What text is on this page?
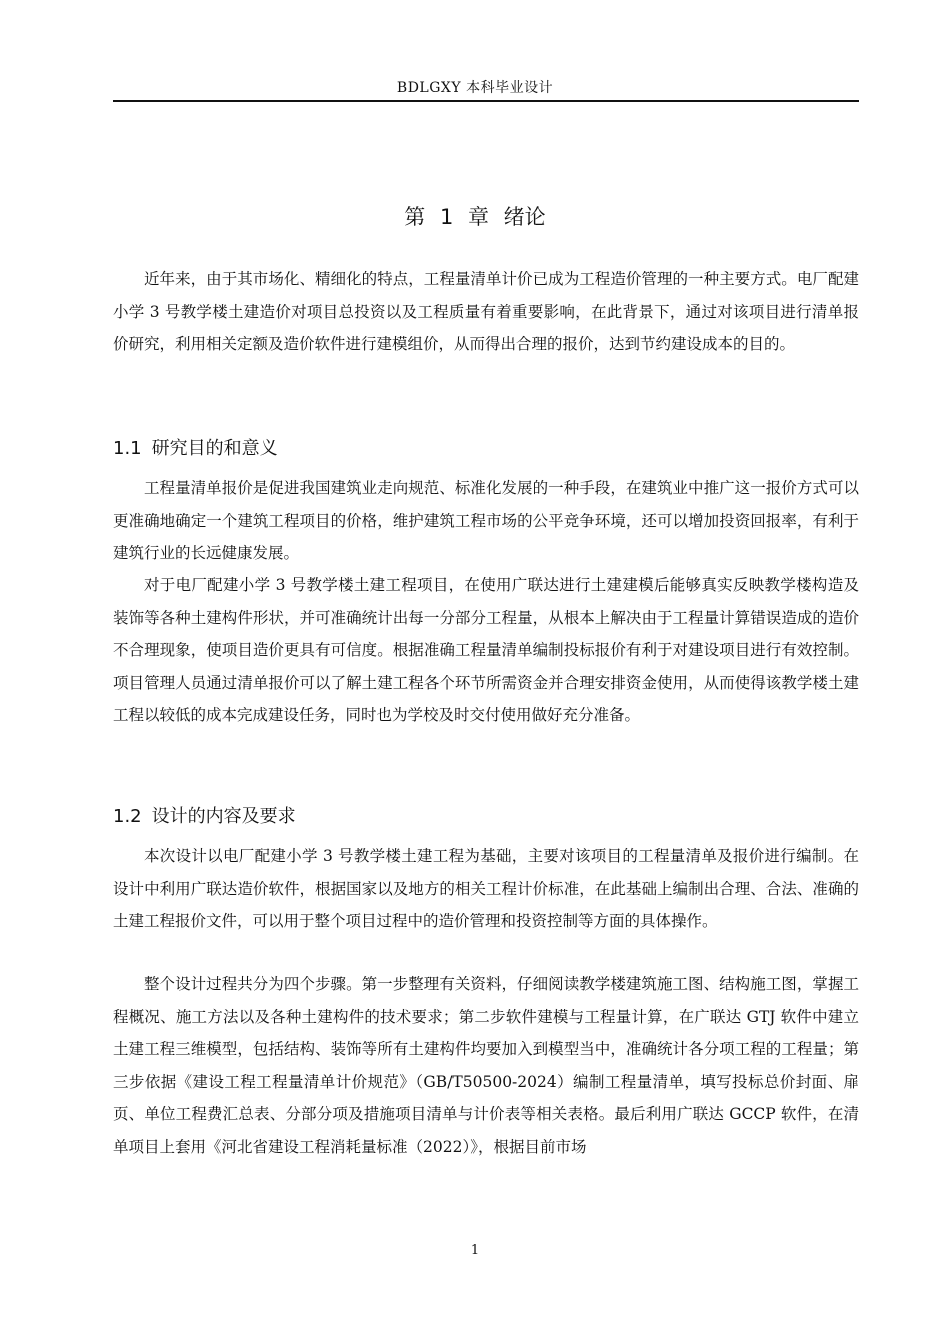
BDLGXY 本科毕业设计
第 1 章 绪论

近年来，由于其市场化、精细化的特点，工程量清单计价已成为工程造价管理的一种主要方式。电厂配建小学 3 号教学楼土建造价对项目总投资以及工程质量有着重要影响，在此背景下，通过对该项目进行清单报价研究，利用相关定额及造价软件进行建模组价，从而得出合理的报价，达到节约建设成本的目的。

1.1 研究目的和意义

工程量清单报价是促进我国建筑业走向规范、标准化发展的一种手段，在建筑业中推广这一报价方式可以更准确地确定一个建筑工程项目的价格，维护建筑工程市场的公平竞争环境，还可以增加投资回报率，有利于建筑行业的长远健康发展。

对于电厂配建小学 3 号教学楼土建工程项目，在使用广联达进行土建建模后能够真实反映教学楼构造及装饰等各种土建构件形状，并可准确统计出每一分部分工程量，从根本上解决由于工程量计算错误造成的造价不合理现象，使项目造价更具有可信度。根据准确工程量清单编制投标报价有利于对建设项目进行有效控制。项目管理人员通过清单报价可以了解土建工程各个环节所需资金并合理安排资金使用，从而使得该教学楼土建工程以较低的成本完成建设任务，同时也为学校及时交付使用做好充分准备。

1.2 设计的内容及要求

本次设计以电厂配建小学 3 号教学楼土建工程为基础，主要对该项目的工程量清单及报价进行编制。在设计中利用广联达造价软件，根据国家以及地方的相关工程计价标准，在此基础上编制出合理、合法、准确的土建工程报价文件，可以用于整个项目过程中的造价管理和投资控制等方面的具体操作。

整个设计过程共分为四个步骤。第一步整理有关资料，仔细阅读教学楼建筑施工图、结构施工图，掌握工程概况、施工方法以及各种土建构件的技术要求；第二步软件建模与工程量计算，在广联达 GTJ 软件中建立土建工程三维模型，包括结构、装饰等所有土建构件均要加入到模型当中，准确统计各分项工程的工程量；第三步依据《建设工程工程量清单计价规范》（GB/T50500-2024）编制工程量清单，填写投标总价封面、扉页、单位工程费汇总表、分部分项及措施项目清单与计价表等相关表格。最后利用广联达 GCCP 软件，在清单项目上套用《河北省建设工程消耗量标准（2022）》，根据目前市场

1
